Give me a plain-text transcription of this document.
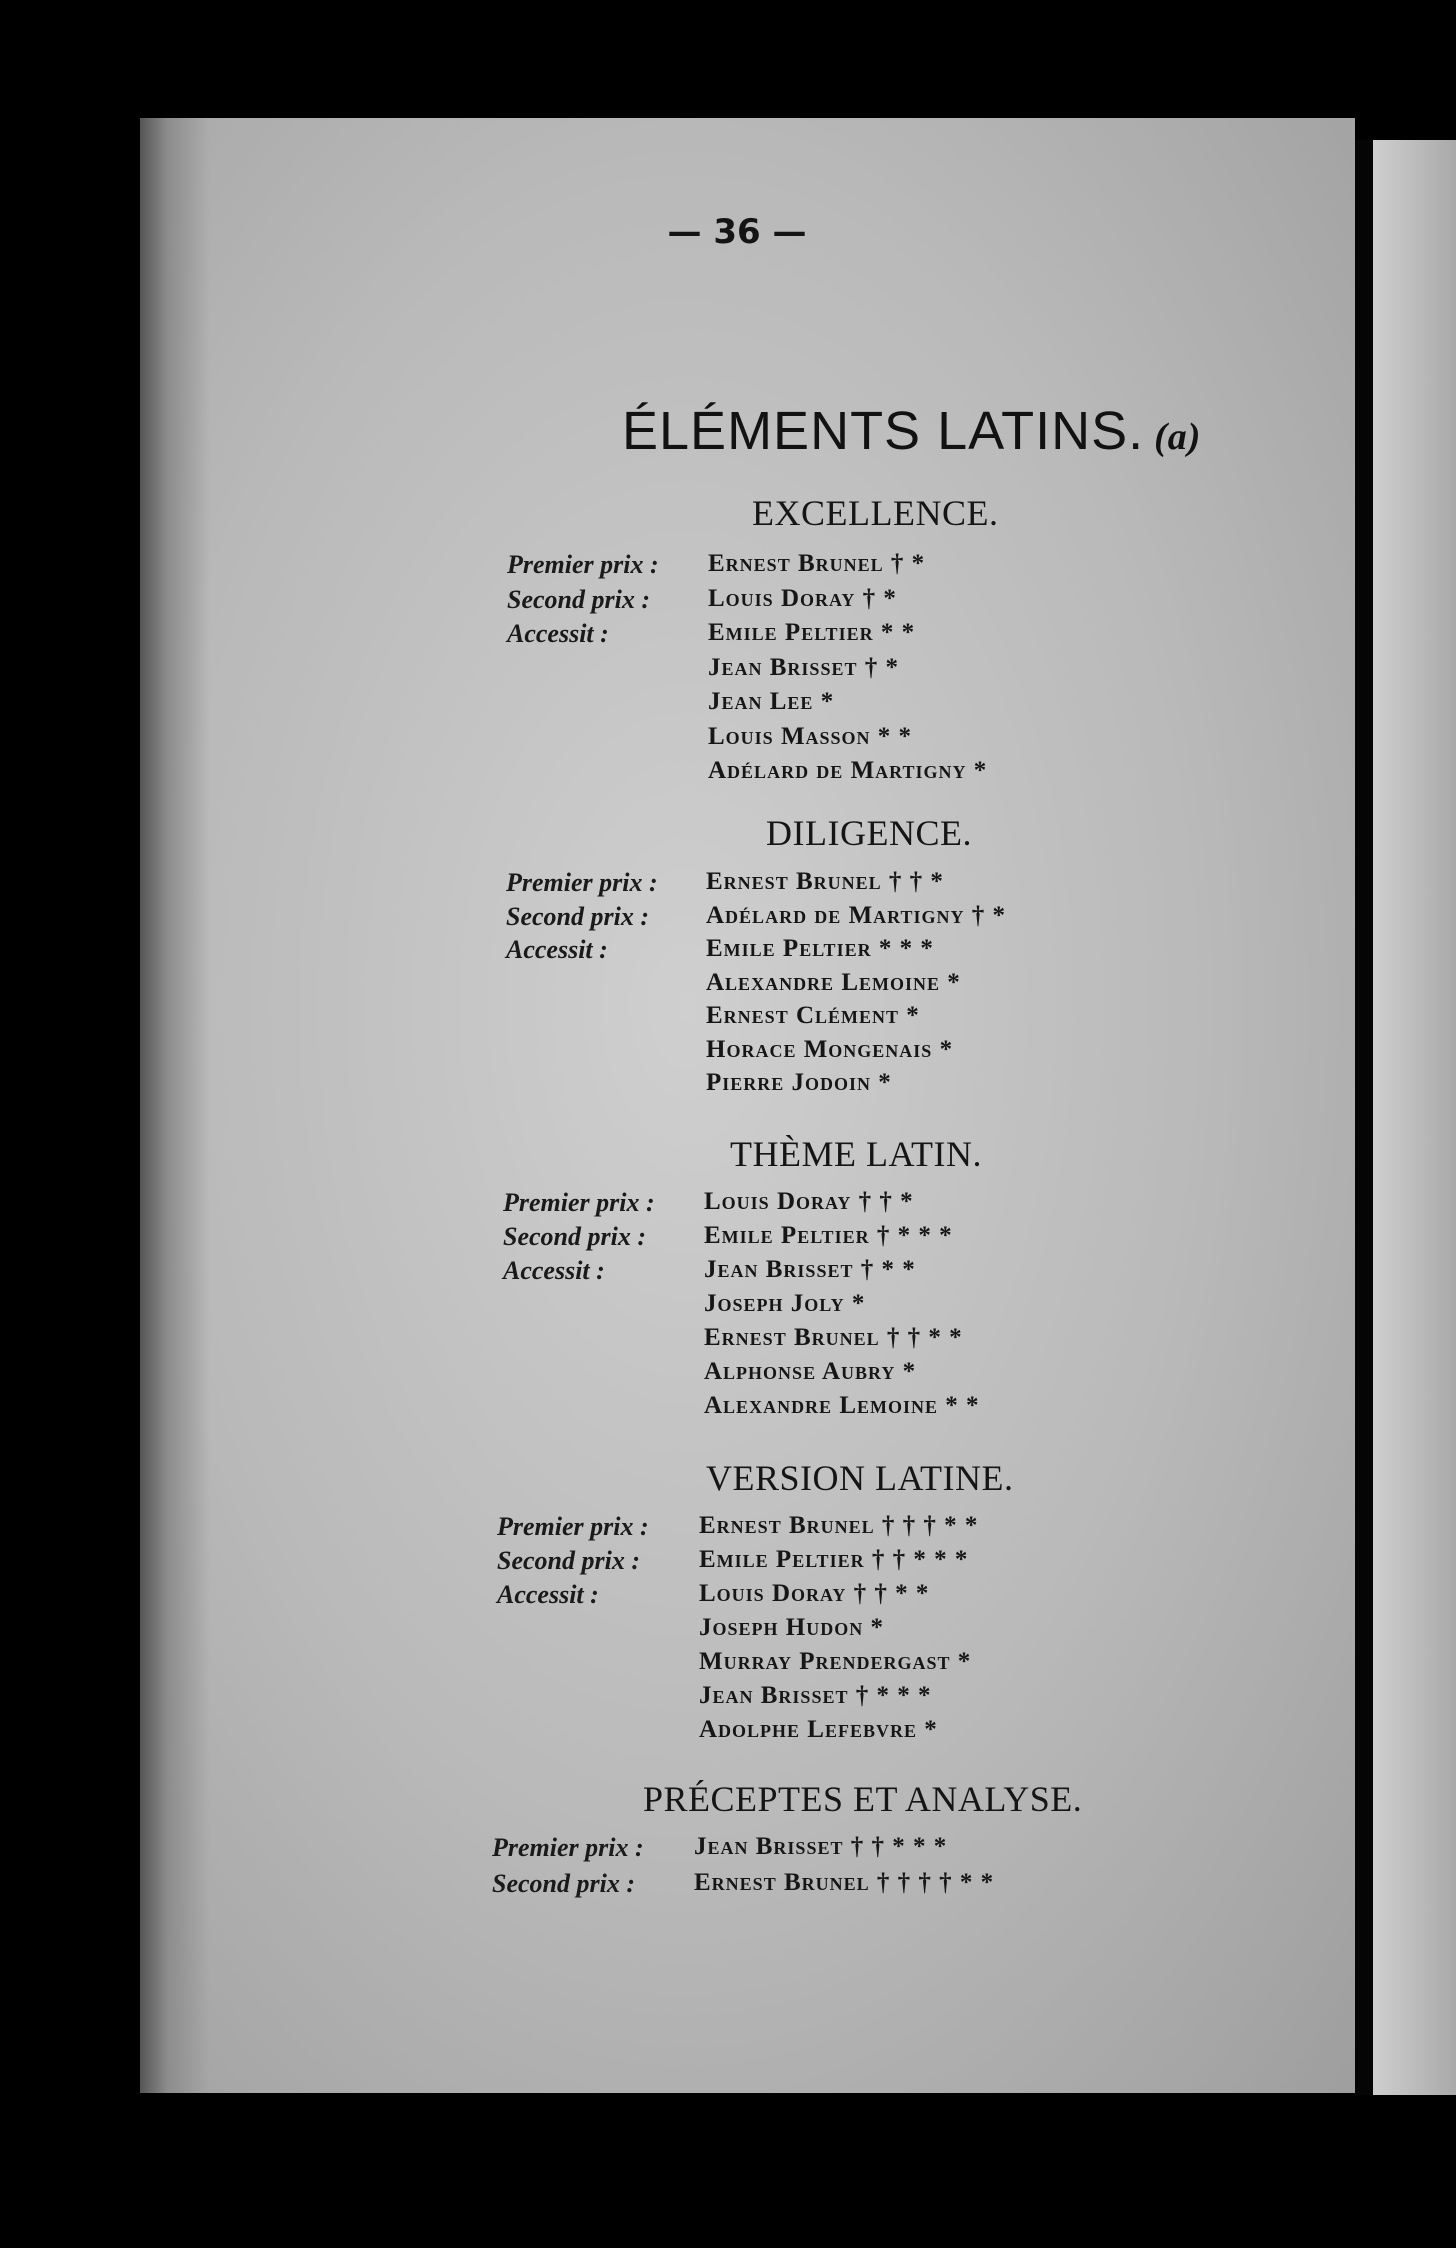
— 36 —
ÉLÉMENTS LATINS. (a)
EXCELLENCE.
Premier prix : Ernest Brunel † *
Second prix : Louis Doray † *
Accessit :	Emile Peltier * *
Jean Brisset † *
Jean Lee *
Louis Masson * *
Adélard de Martigny *
DILIGENCE.
Premier prix : Ernest Brunel † † *
Second prix : Adélard de Martigny † *
Accessit :	Emile Peltier * * *
Alexandre Lemoine *
Ernest Clément *
Horace Mongenais *
Pierre Jodoin *
THÈME LATIN.
Premier prix : Louis Doray † † *
Second prix : Emile Peltier † * * *
Accessit :	Jean Brisset † * *
Joseph Joly *
Ernest Brunel † † * *
Alphonse Aubry *
Alexandre Lemoine * *
VERSION LATINE.
Premier prix : Ernest Brunel † † † * *
Second prix : Emile Peltier † † * * *
Accessit :	Louis Doray † † * *
Joseph Hudon *
Murray Prendergast *
Jean Brisset † * * *
Adolphe Lefebvre *
PRÉCEPTES ET ANALYSE.
Premier prix : Jean Brisset † † * * *
Second prix : Ernest Brunel † † † † * *
